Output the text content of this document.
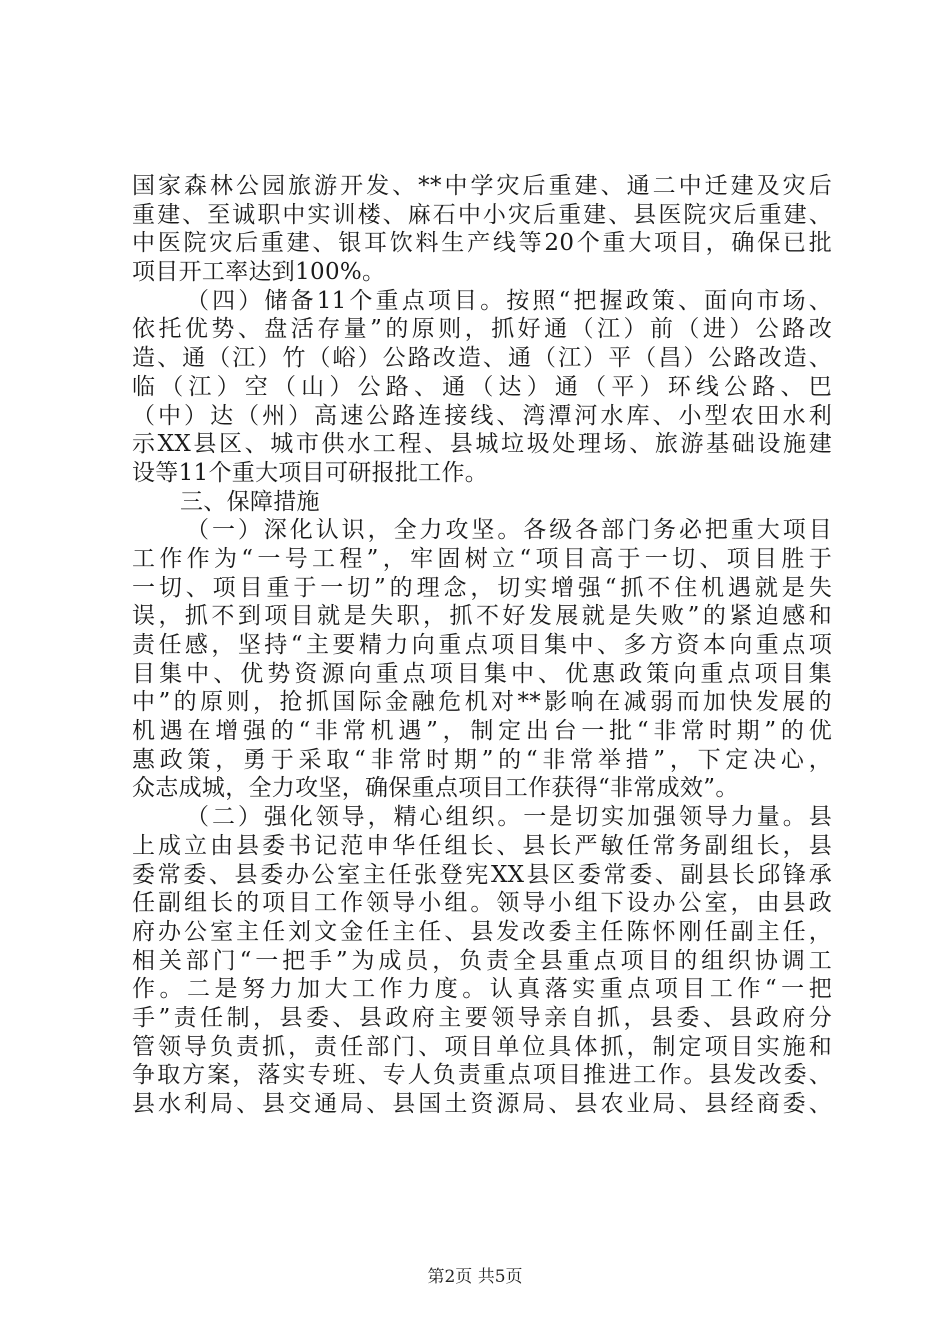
国家森林公园旅游开发、**中学灾后重建、通二中迁建及灾后
重建、至诚职中实训楼、麻石中小灾后重建、县医院灾后重建、
中医院灾后重建、银耳饮料生产线等20个重大项目，确保已批
项目开工率达到100%。
（四）储备11个重点项目。按照“把握政策、面向市场、
依托优势、盘活存量”的原则，抓好通（江）前（进）公路改
造、通（江）竹（峪）公路改造、通（江）平（昌）公路改造、
临（江）空（山）公路、通（达）通（平）环线公路、巴
（中）达（州）高速公路连接线、湾潭河水库、小型农田水利
示XX县区、城市供水工程、县城垃圾处理场、旅游基础设施建
设等11个重大项目可研报批工作。
三、保障措施
（一）深化认识，全力攻坚。各级各部门务必把重大项目
工作作为“一号工程”，牢固树立“项目高于一切、项目胜于
一切、项目重于一切”的理念，切实增强“抓不住机遇就是失
误，抓不到项目就是失职，抓不好发展就是失败”的紧迫感和
责任感，坚持“主要精力向重点项目集中、多方资本向重点项
目集中、优势资源向重点项目集中、优惠政策向重点项目集
中”的原则，抢抓国际金融危机对**影响在减弱而加快发展的
机遇在增强的“非常机遇”，制定出台一批“非常时期”的优
惠政策，勇于采取“非常时期”的“非常举措”，下定决心，
众志成城，全力攻坚，确保重点项目工作获得“非常成效”。
（二）强化领导，精心组织。一是切实加强领导力量。县
上成立由县委书记范申华任组长、县长严敏任常务副组长，县
委常委、县委办公室主任张登宪XX县区委常委、副县长邱锋承
任副组长的项目工作领导小组。领导小组下设办公室，由县政
府办公室主任刘文金任主任、县发改委主任陈怀刚任副主任，
相关部门“一把手”为成员，负责全县重点项目的组织协调工
作。二是努力加大工作力度。认真落实重点项目工作“一把
手”责任制，县委、县政府主要领导亲自抓，县委、县政府分
管领导负责抓，责任部门、项目单位具体抓，制定项目实施和
争取方案，落实专班、专人负责重点项目推进工作。县发改委、
县水利局、县交通局、县国土资源局、县农业局、县经商委、
第2页 共5页
